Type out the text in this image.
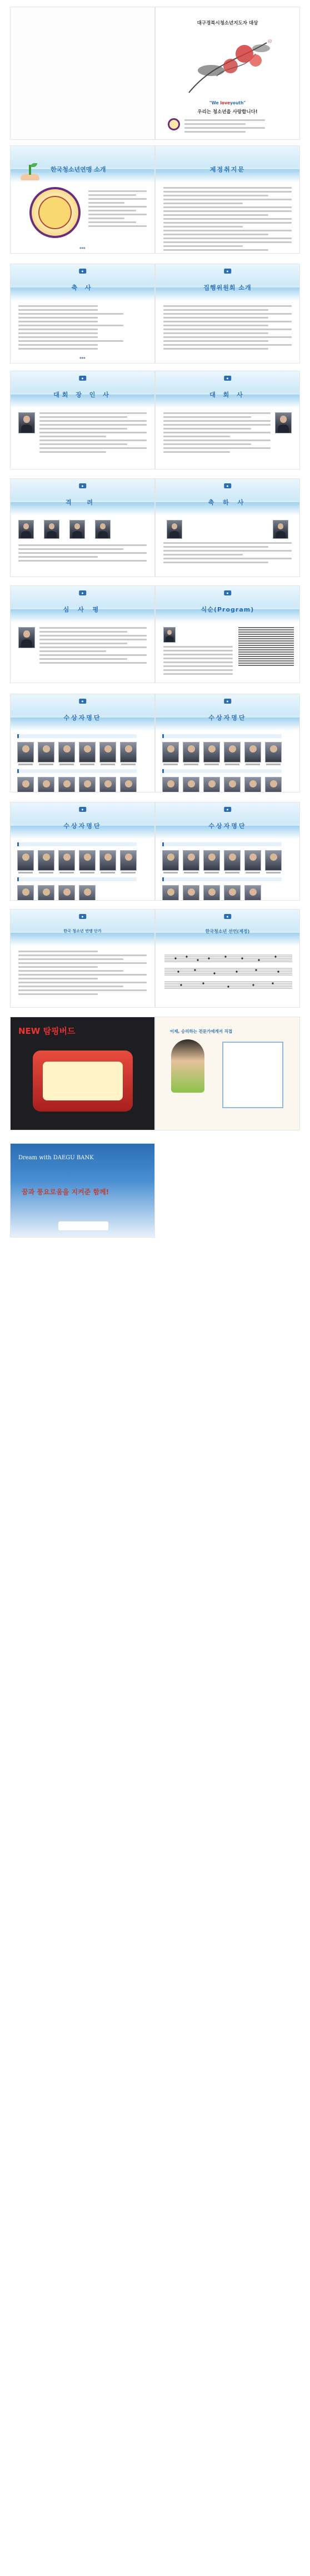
대구경북시청소년지도자 대상
印
"We loveyouth"
우리는 청소년을 사랑합니다!
한국청소년연맹 소개
●●●
제정취지문
●
축 사
●●●
●
집행위원회 소개
●
대회 장 인 사
●
대 회 사
●
격 려
●
축 하 사
●
심 사 평
●
식순(Program)
●
수상자명단
●
수상자명단
●
수상자명단
●
수상자명단
●
한국 청소년 연맹 단가
●
한국청소년 선언(제정)
NEW 탐핑버드	이제, 승리하는 전문가에게서 직접
Dream with DAEGU BANK
꿈과 풍요로움을 지켜준 함께!
